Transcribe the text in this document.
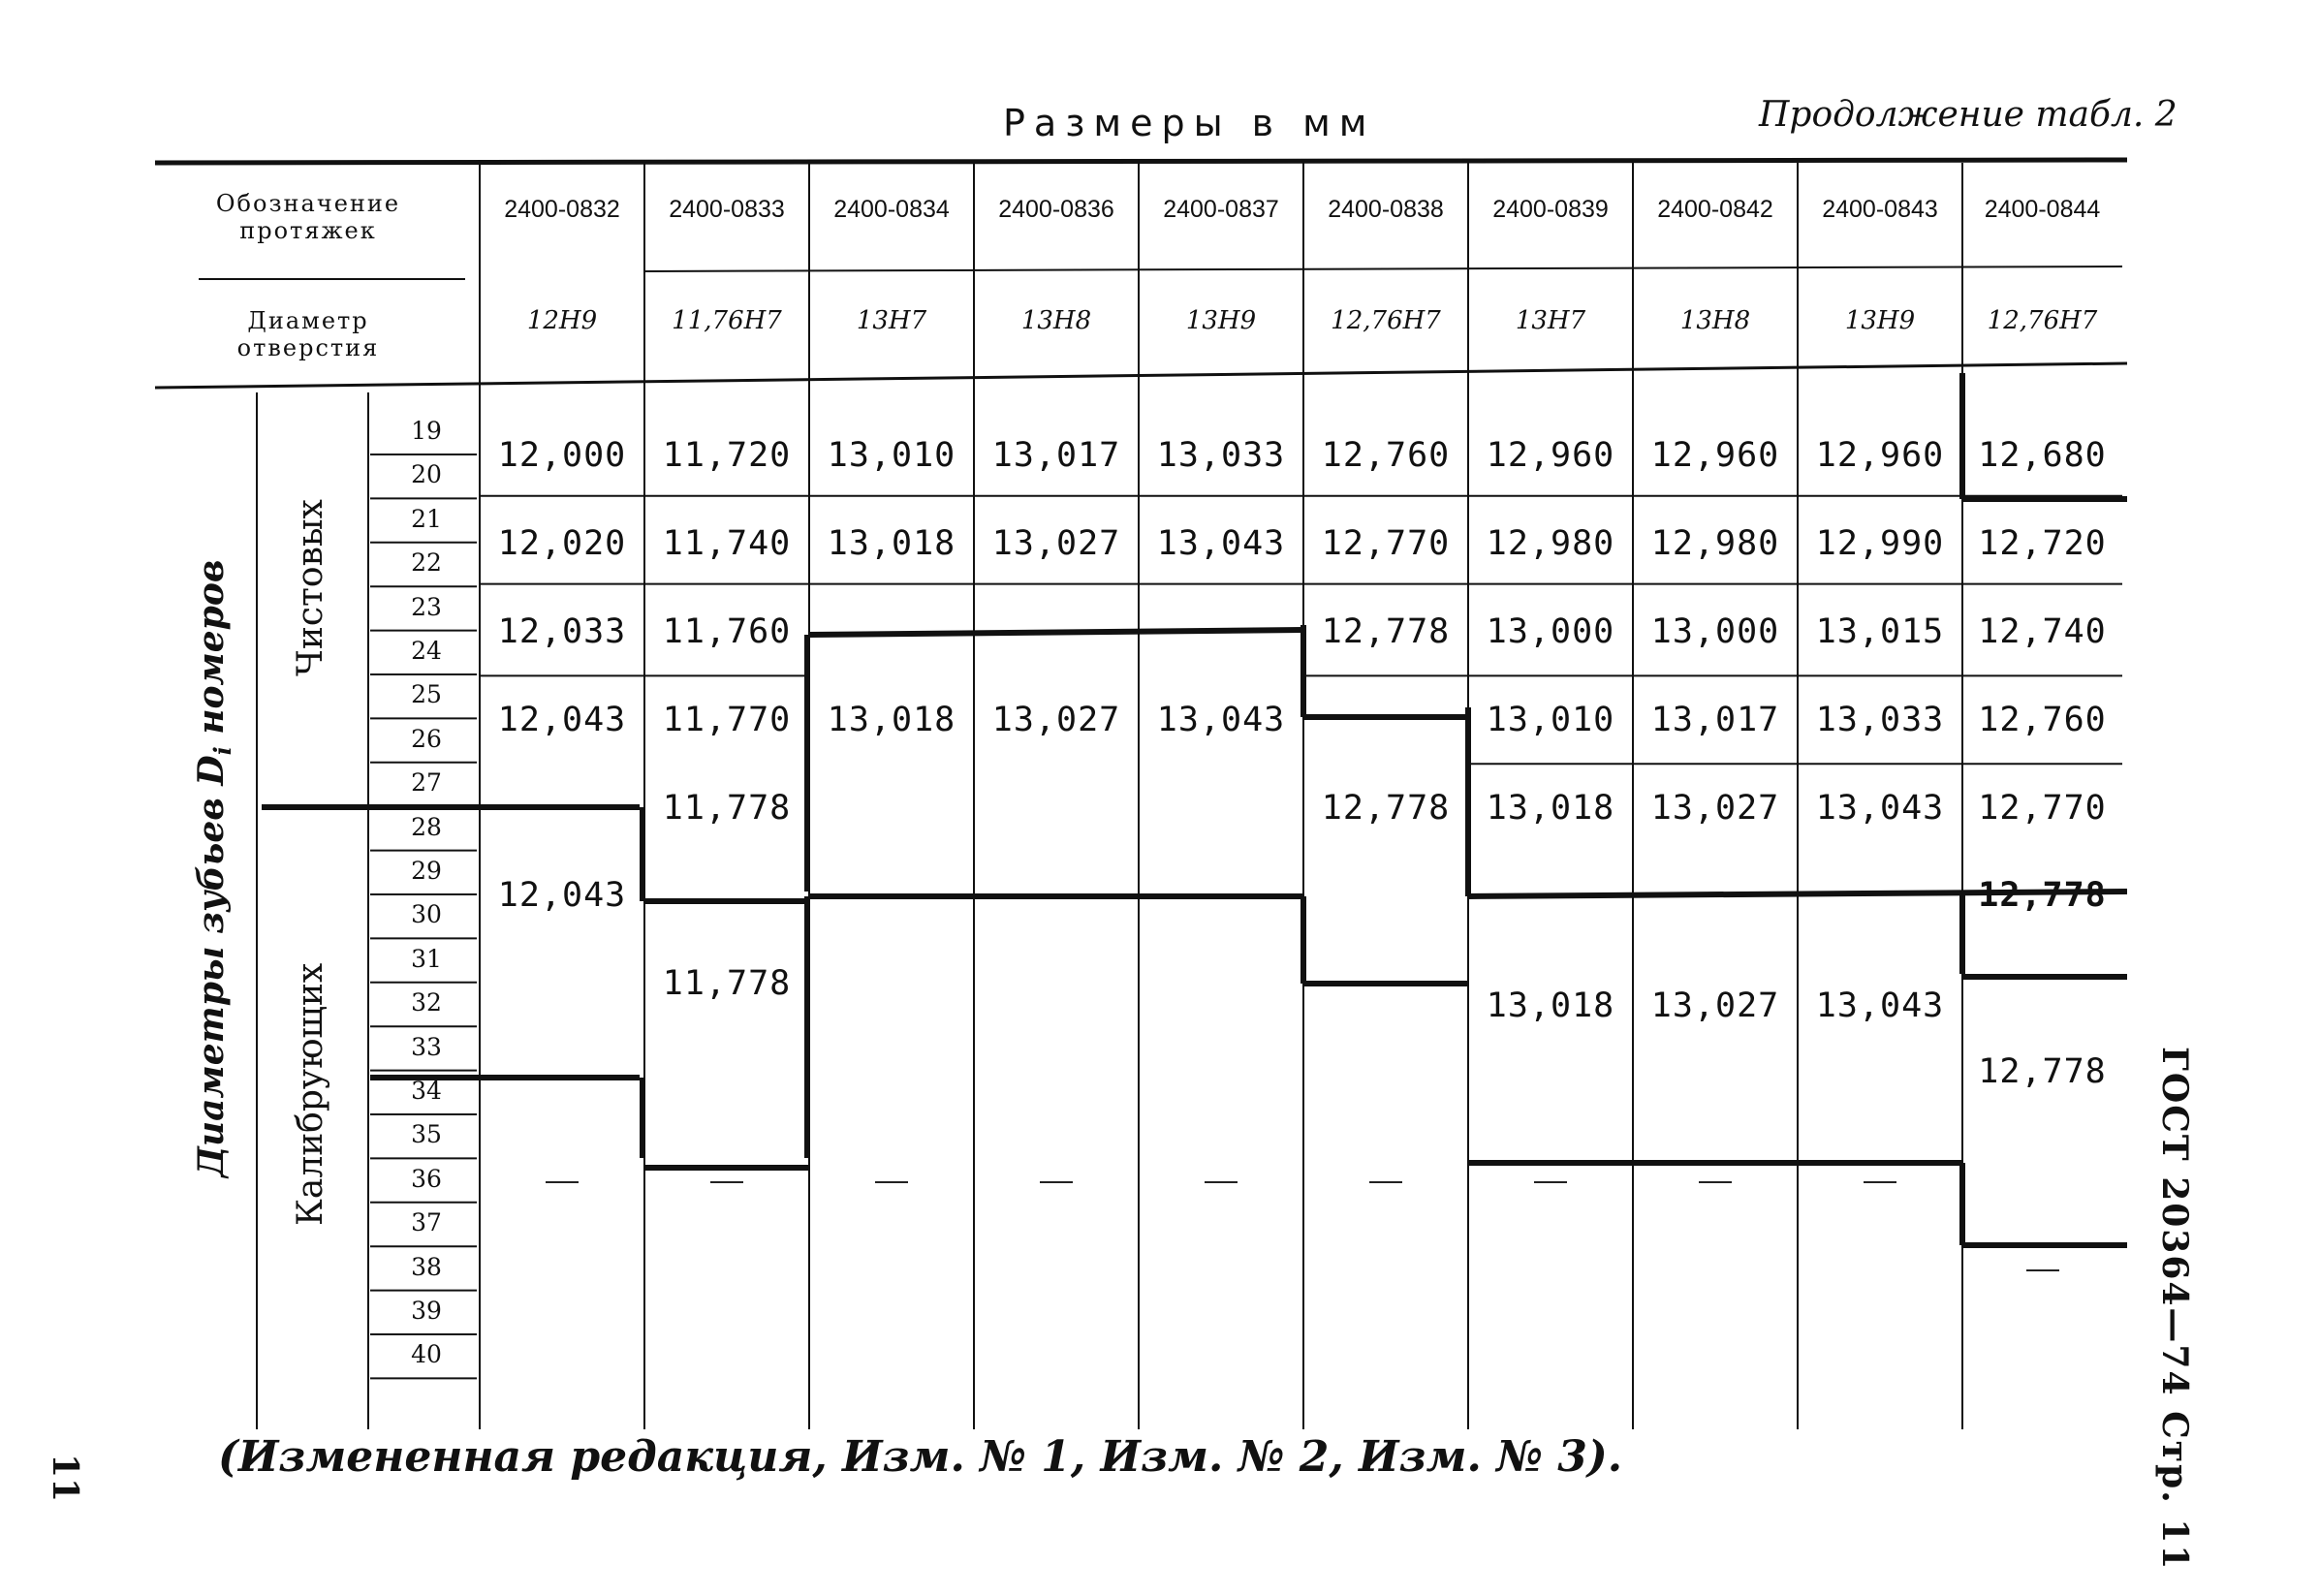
Размеры в мм	Продолжение табл. 2
Обозначение протяжек
Диаметр отверстия
Диаметры зубьев $D_i$ номеров Чистовых
Калибрующих
2400-0832
12H9
2400-0833
11,76H7
2400-0834
13H7
2400-0836
13H8
2400-0837
13H9
2400-0838
12,76H7
2400-0839
13H7
2400-0842
13H8
2400-0843
13H9
2400-0844
12,76H7
19
20
21
22
23
24
25
26
27
28
29
30
31
32
33
34
35
36
37
38
39
40
12,000
12,020
12,033
12,043
12,043
11,720
11,740
11,760
11,770
11,778
11,778
13,010
13,018
13,018
13,017
13,027
13,027
13,033
13,043
13,043
12,760
12,770
12,778
12,778
12,960
12,980
13,000
13,010
13,018
13,018
12,960
12,980
13,000
13,017
13,027
13,027
12,960
12,990
13,015
13,033
13,043
13,043
12,680
12,720
12,740
12,760
12,770
12,778
12,778
(Измененная редакция, Изм. № 1, Изм. № 2, Изм. № 3).
11	ГОСТ 20364—74 Стр. 11
